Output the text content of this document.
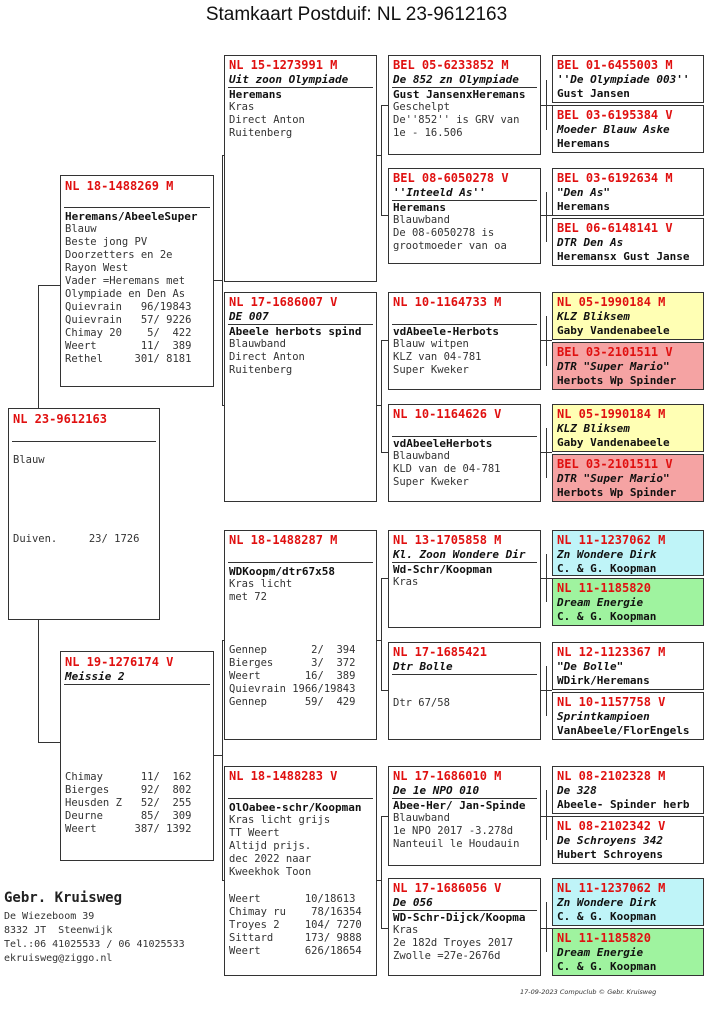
Stamkaart Postduif: NL 23-9612163
NL 23-9612163
Blauw
Duiven.     23/ 1726
NL 18-1488269 M
Heremans/AbeeleSuper
Blauw
Beste jong PV
Doorzetters en 2e
Rayon West
Vader =Heremans met
Olympiade en Den As
Quievrain   96/19843
Quievrain   57/ 9226
Chimay 20    5/  422
Weert       11/  389
Rethel     301/ 8181
NL 19-1276174 V
Meissie 2
Chimay      11/  162
Bierges     92/  802
Heusden Z   52/  255
Deurne      85/  309
Weert      387/ 1392
NL 15-1273991 M
Uit zoon Olympiade
Heremans
Kras
Direct Anton
Ruitenberg
NL 17-1686007 V
DE 007
Abeele herbots spind
Blauwband
Direct Anton
Ruitenberg
NL 18-1488287 M
WDKoopm/dtr67x58
Kras licht
met 72
Gennep       2/  394
Bierges      3/  372
Weert       16/  389
Quievrain 1966/19843
Gennep      59/  429
NL 18-1488283 V
OlOabee-schr/Koopman
Kras licht grijs
TT Weert
Altijd prijs.
dec 2022 naar
Kweekhok Toon
Weert       10/18613
Chimay ru    78/16354
Troyes 2    104/ 7270
Sittard     173/ 9888
Weert       626/18654
BEL 05-6233852 M
De 852 zn Olympiade
Gust JansenxHeremans
Geschelpt
De''852'' is GRV van
1e - 16.506
BEL 08-6050278 V
''Inteeld As''
Heremans
Blauwband
De 08-6050278 is
grootmoeder van oa
NL 10-1164733 M
vdAbeele-Herbots
Blauw witpen
KLZ van 04-781
Super Kweker
NL 10-1164626 V
vdAbeeleHerbots
Blauwband
KLD van de 04-781
Super Kweker
NL 13-1705858 M
Kl. Zoon Wondere Dir
Wd-Schr/Koopman
Kras
NL 17-1685421
Dtr Bolle
Dtr 67/58
NL 17-1686010 M
De 1e NPO 010
Abee-Her/ Jan-Spinde
Blauwband
1e NPO 2017 -3.278d
Nanteuil le Houdauin
NL 17-1686056 V
De 056
WD-Schr-Dijck/Koopma
Kras
2e 182d Troyes 2017
Zwolle =27e-2676d
BEL 01-6455003 M
''De Olympiade 003''
Gust Jansen
BEL 03-6195384 V
Moeder Blauw Aske
Heremans
BEL 03-6192634 M
"Den As"
Heremans
BEL 06-6148141 V
DTR Den As
Heremansx Gust Janse
NL 05-1990184 M
KLZ Bliksem
Gaby Vandenabeele
BEL 03-2101511 V
DTR "Super Mario"
Herbots Wp Spinder
NL 05-1990184 M
KLZ Bliksem
Gaby Vandenabeele
BEL 03-2101511 V
DTR "Super Mario"
Herbots Wp Spinder
NL 11-1237062 M
Zn Wondere Dirk
C. & G. Koopman
NL 11-1185820
Dream Energie
C. & G. Koopman
NL 12-1123367 M
"De Bolle"
WDirk/Heremans
NL 10-1157758 V
Sprintkampioen
VanAbeele/FlorEngels
NL 08-2102328 M
De 328
Abeele- Spinder herb
NL 08-2102342 V
De Schroyens 342
Hubert Schroyens
NL 11-1237062 M
Zn Wondere Dirk
C. & G. Koopman
NL 11-1185820
Dream Energie
C. & G. Koopman
Gebr. Kruisweg
De Wiezeboom 39
8332 JT  Steenwijk
Tel.:06 41025533 / 06 41025533
ekruisweg@ziggo.nl
17-09-2023 Compuclub © Gebr. Kruisweg
